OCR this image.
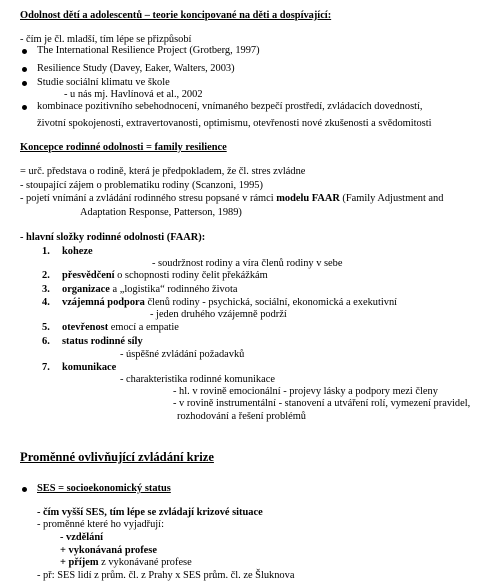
Odolnost dětí a adolescentů – teorie koncipované na děti a dospívající:
- čím je čl. mladší, tím lépe se přizpůsobí
The International Resilience Project (Grotberg, 1997)
Resilience Study (Davey, Eaker, Walters, 2003)
Studie sociální klimatu ve škole
- u nás mj. Havlínová et al., 2002
kombinace pozitivního sebehodnocení, vnímaného bezpečí prostředí, zvládacích dovedností,
životní spokojenosti, extravertovanosti, optimismu, otevřenosti nové zkušenosti a svědomitosti
Koncepce rodinné odolnosti = family resilience
= urč. představa o rodině, která je předpokladem, že čl. stres zvládne
- stoupající zájem o problematiku rodiny (Scanzoni, 1995)
- pojetí vnímání a zvládání rodinného stresu popsané v rámci modelu FAAR (Family Adjustment and
Adaptation Response, Patterson, 1989)
- hlavní složky rodinné odolnosti (FAAR):
1. koheze
- soudržnost rodiny a víra členů rodiny v sebe
2. přesvědčení o schopnosti rodiny čelit překážkám
3. organizace a „logistika“ rodinného života
4. vzájemná podpora členů rodiny - psychická, sociální, ekonomická a exekutivní
- jeden druhého vzájemně podrží
5. otevřenost emocí a empatie
6. status rodinné síly
- úspěšné zvládání požadavků
7. komunikace
- charakteristika rodinné komunikace
- hl. v rovině emocionální - projevy lásky a podpory mezi členy
- v rovině instrumentální - stanovení a utváření rolí, vymezení pravidel,
rozhodování a řešení problémů
Proměnné ovlivňující zvládání krize
SES = socioekonomický status
- čím vyšší SES, tím lépe se zvládají krizové situace
- proměnné které ho vyjadřují:
- vzdělání
+ vykonávaná profese
+ příjem z vykonávané profese
- př: SES lidí z prům. čl. z Prahy x SES prům. čl. ze Šluknova
